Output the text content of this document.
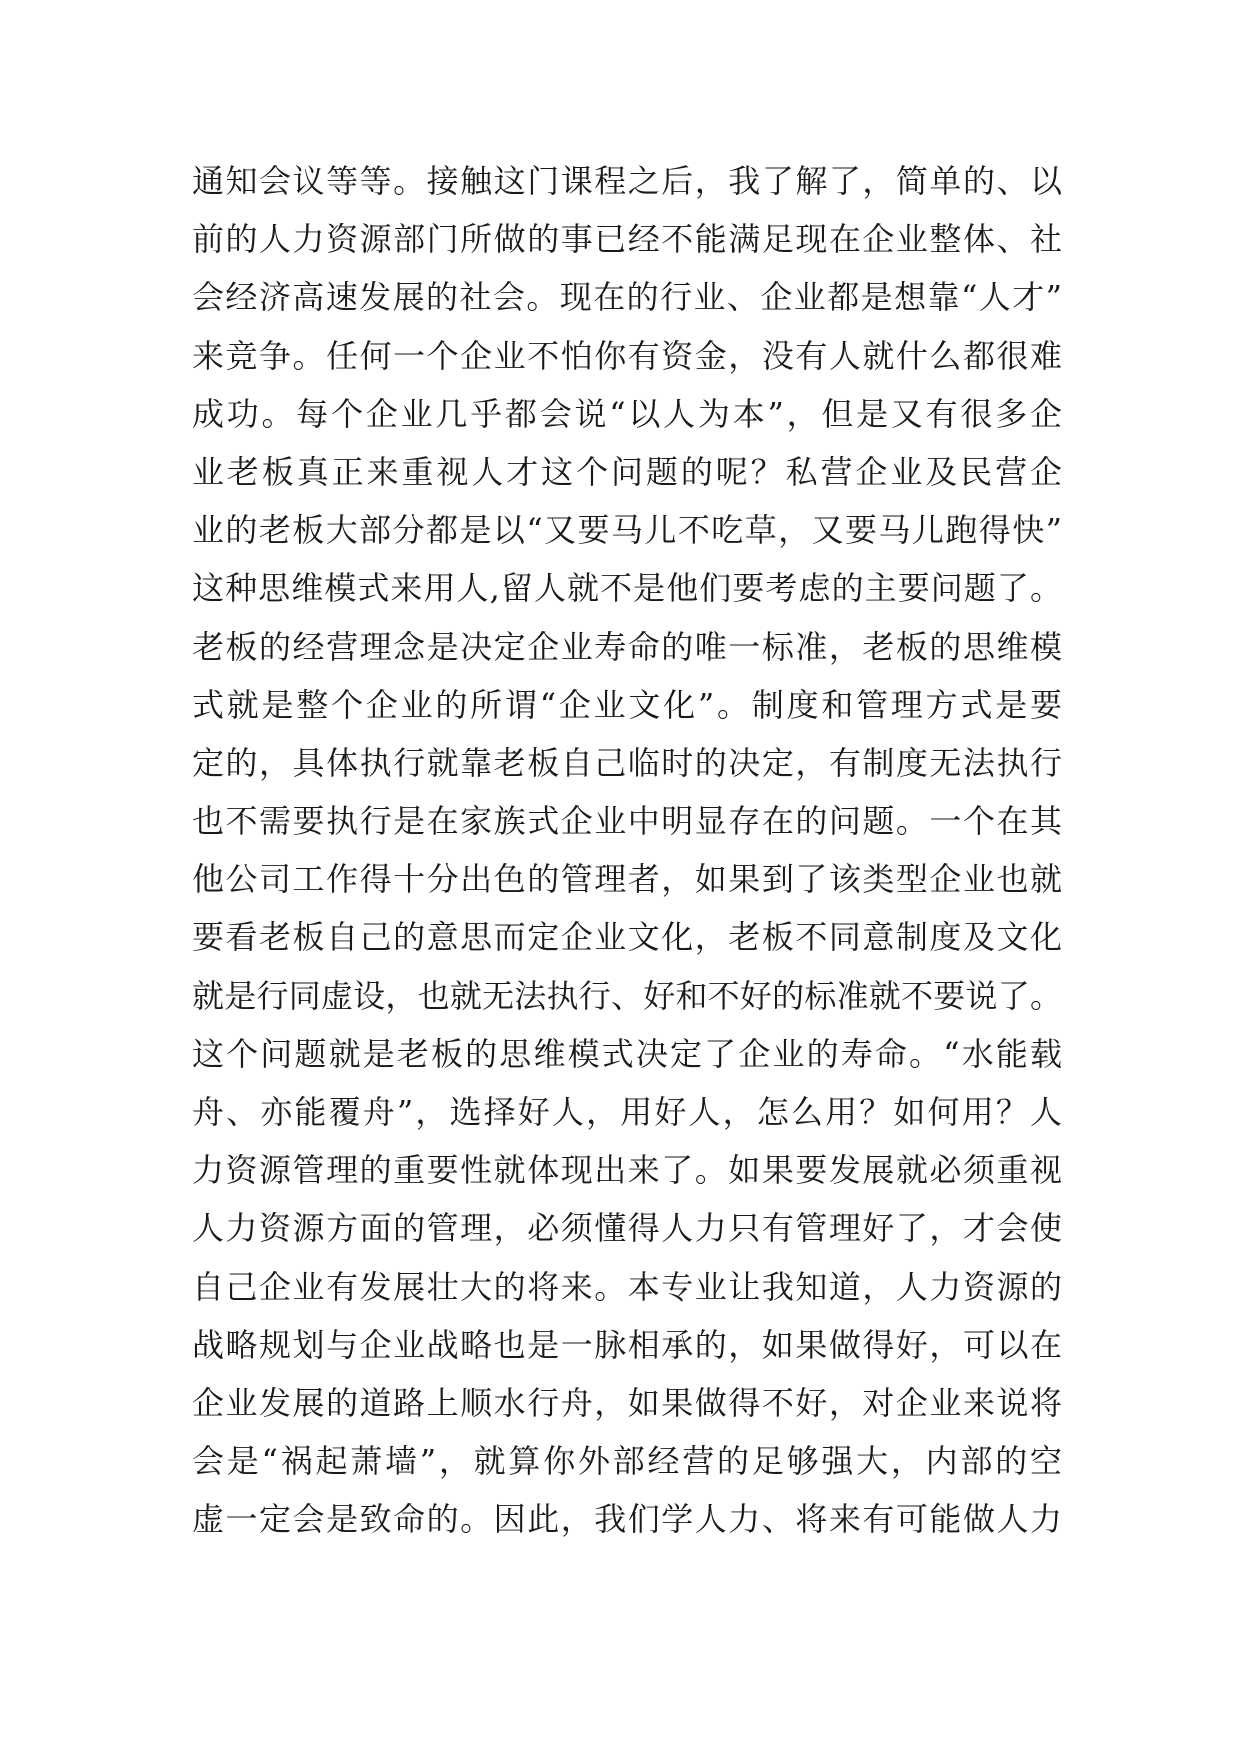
通知会议等等。接触这门课程之后，我了解了，简单的、以
前的人力资源部门所做的事已经不能满足现在企业整体、社
会经济高速发展的社会。现在的行业、企业都是想靠“人才”
来竞争。任何一个企业不怕你有资金，没有人就什么都很难
成功。每个企业几乎都会说“以人为本”，但是又有很多企
业老板真正来重视人才这个问题的呢？私营企业及民营企
业的老板大部分都是以“又要马儿不吃草，又要马儿跑得快”
这种思维模式来用人,留人就不是他们要考虑的主要问题了。
老板的经营理念是决定企业寿命的唯一标准，老板的思维模
式就是整个企业的所谓“企业文化”。制度和管理方式是要
定的，具体执行就靠老板自己临时的决定，有制度无法执行
也不需要执行是在家族式企业中明显存在的问题。一个在其
他公司工作得十分出色的管理者，如果到了该类型企业也就
要看老板自己的意思而定企业文化，老板不同意制度及文化
就是行同虚设，也就无法执行、好和不好的标准就不要说了。
这个问题就是老板的思维模式决定了企业的寿命。“水能载
舟、亦能覆舟”，选择好人，用好人，怎么用？如何用？人
力资源管理的重要性就体现出来了。如果要发展就必须重视
人力资源方面的管理，必须懂得人力只有管理好了，才会使
自己企业有发展壮大的将来。本专业让我知道，人力资源的
战略规划与企业战略也是一脉相承的，如果做得好，可以在
企业发展的道路上顺水行舟，如果做得不好，对企业来说将
会是“祸起萧墙”，就算你外部经营的足够强大，内部的空
虚一定会是致命的。因此，我们学人力、将来有可能做人力
